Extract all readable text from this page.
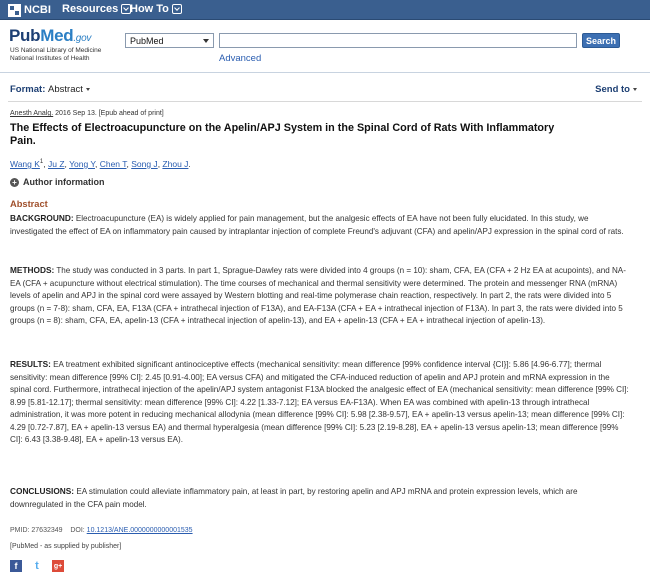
NCBI Resources How To
PubMed.gov
US National Library of Medicine
National Institutes of Health
PubMed	Search
Advanced
Format: Abstract	Send to
Anesth Analg. 2016 Sep 13. [Epub ahead of print]
The Effects of Electroacupuncture on the Apelin/APJ System in the Spinal Cord of Rats With Inflammatory Pain.
Wang $K^1$, Ju Z, Yong Y, Chen T, Song J, Zhou J.
+ Author information
Abstract

BACKGROUND: Electroacupuncture (EA) is widely applied for pain management, but the analgesic effects of EA have not been fully elucidated. In this study, we investigated the effect of EA on inflammatory pain caused by intraplantar injection of complete Freund's adjuvant (CFA) and apelin/APJ expression in the spinal cord of rats.

METHODS: The study was conducted in 3 parts. In part 1, Sprague-Dawley rats were divided into 4 groups (n = 10): sham, CFA, EA (CFA + 2 Hz EA at acupoints), and NA-EA (CFA + acupuncture without electrical stimulation). The time courses of mechanical and thermal sensitivity were determined. The protein and messenger RNA (mRNA) levels of apelin and APJ in the spinal cord were assayed by Western blotting and real-time polymerase chain reaction, respectively. In part 2, the rats were divided into 5 groups (n = 7-8): sham, CFA, EA, F13A (CFA + intrathecal injection of F13A), and EA-F13A (CFA + EA + intrathecal injection of F13A). In part 3, the rats were divided into 5 groups (n = 8): sham, CFA, EA, apelin-13 (CFA + intrathecal injection of apelin-13), and EA + apelin-13 (CFA + EA + intrathecal injection of apelin-13).

RESULTS: EA treatment exhibited significant antinociceptive effects (mechanical sensitivity: mean difference [99% confidence interval {CI}]: 5.86 [4.96-6.77]; thermal sensitivity: mean difference [99% CI]: 2.45 [0.91-4.00]; EA versus CFA) and mitigated the CFA-induced reduction of apelin and APJ protein and mRNA expression in the spinal cord. Furthermore, intrathecal injection of the apelin/APJ system antagonist F13A blocked the analgesic effect of EA (mechanical sensitivity: mean difference [99% CI]: 8.99 [5.81-12.17]; thermal sensitivity: mean difference [99% CI]: 4.22 [1.33-7.12]; EA versus EA-F13A). When EA was combined with apelin-13 through intrathecal administration, it was more potent in reducing mechanical allodynia (mean difference [99% CI]: 5.98 [2.38-9.57], EA + apelin-13 versus apelin-13; mean difference [99% CI]: 4.29 [0.72-7.87], EA + apelin-13 versus EA) and thermal hyperalgesia (mean difference [99% CI]: 5.23 [2.19-8.28], EA + apelin-13 versus apelin-13; mean difference [99% CI]: 6.43 [3.38-9.48], EA + apelin-13 versus EA).

CONCLUSIONS: EA stimulation could alleviate inflammatory pain, at least in part, by restoring apelin and APJ mRNA and protein expression levels, which are downregulated in the CFA pain model.

PMID: 27632349 DOI: 10.1213/ANE.0000000000001535
[PubMed - as supplied by publisher]
f t g+
